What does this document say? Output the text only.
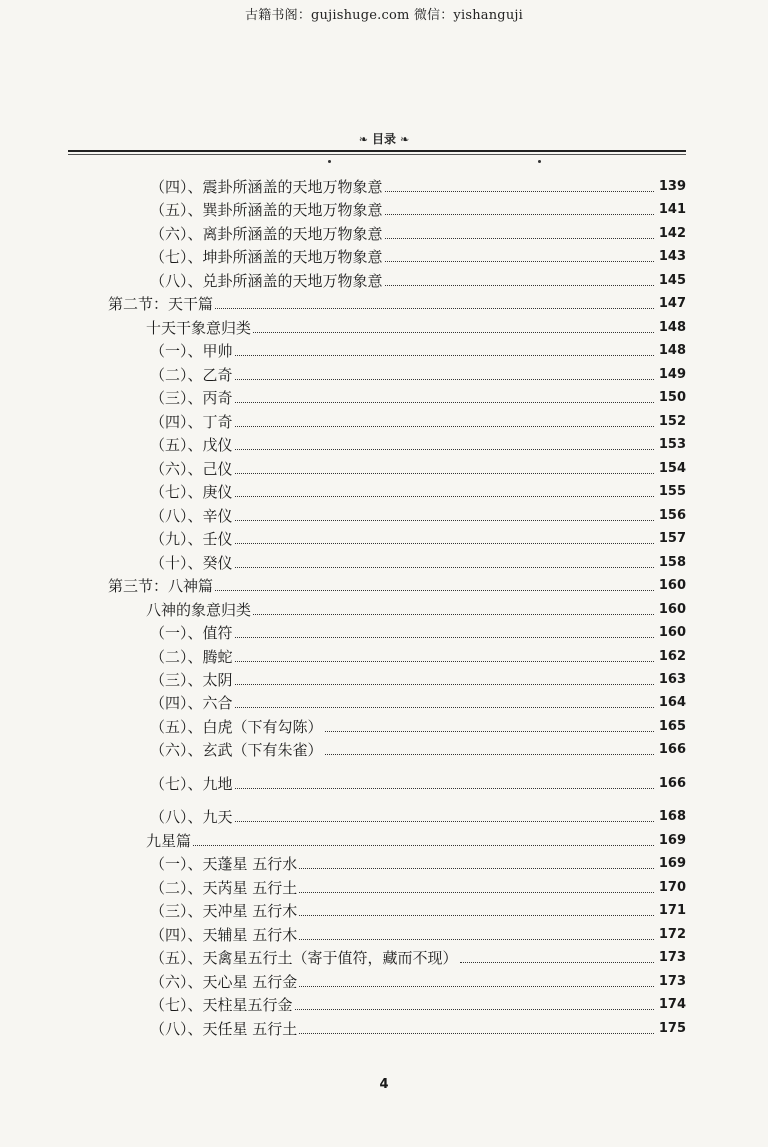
古籍书阁：gujishuge.com 微信：yishanguji
❧ 目录 ❧
（四）、震卦所涵盖的天地万物象意	139
（五）、巽卦所涵盖的天地万物象意	141
（六）、离卦所涵盖的天地万物象意	142
（七）、坤卦所涵盖的天地万物象意	143
（八）、兑卦所涵盖的天地万物象意	145
第二节：天干篇	147
十天干象意归类	148
（一）、甲帅	148
（二）、乙奇	149
（三）、丙奇	150
（四）、丁奇	152
（五）、戊仪	153
（六）、己仪	154
（七）、庚仪	155
（八）、辛仪	156
（九）、壬仪	157
（十）、癸仪	158
第三节：八神篇	160
八神的象意归类	160
（一）、值符	160
（二）、腾蛇	162
（三）、太阴	163
（四）、六合	164
（五）、白虎（下有勾陈）	165
（六）、玄武（下有朱雀）	166
（七）、九地	166
（八）、九天	168
九星篇	169
（一）、天蓬星 五行水	169
（二）、天芮星 五行土	170
（三）、天冲星 五行木	171
（四）、天辅星 五行木	172
（五）、天禽星五行土（寄于值符，藏而不现）	173
（六）、天心星 五行金	173
（七）、天柱星五行金	174
（八）、天任星 五行土	175
4
